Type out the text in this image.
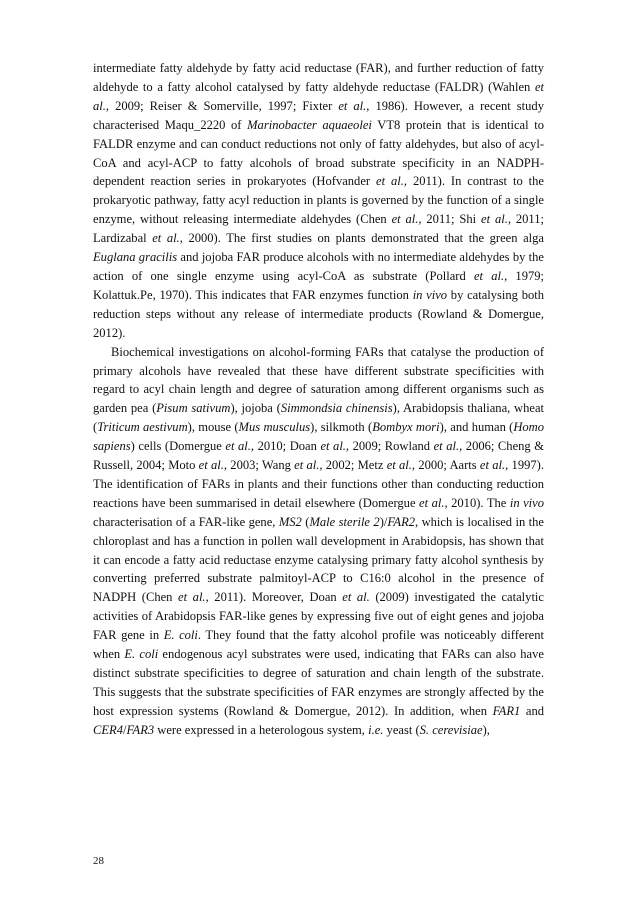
intermediate fatty aldehyde by fatty acid reductase (FAR), and further reduction of fatty aldehyde to a fatty alcohol catalysed by fatty aldehyde reductase (FALDR) (Wahlen et al., 2009; Reiser & Somerville, 1997; Fixter et al., 1986). However, a recent study characterised Maqu_2220 of Marinobacter aquaeolei VT8 protein that is identical to FALDR enzyme and can conduct reductions not only of fatty aldehydes, but also of acyl-CoA and acyl-ACP to fatty alcohols of broad substrate specificity in an NADPH-dependent reaction series in prokaryotes (Hofvander et al., 2011). In contrast to the prokaryotic pathway, fatty acyl reduction in plants is governed by the function of a single enzyme, without releasing intermediate aldehydes (Chen et al., 2011; Shi et al., 2011; Lardizabal et al., 2000). The first studies on plants demonstrated that the green alga Euglana gracilis and jojoba FAR produce alcohols with no intermediate aldehydes by the action of one single enzyme using acyl-CoA as substrate (Pollard et al., 1979; Kolattuk.Pe, 1970). This indicates that FAR enzymes function in vivo by catalysing both reduction steps without any release of intermediate products (Rowland & Domergue, 2012).

Biochemical investigations on alcohol-forming FARs that catalyse the production of primary alcohols have revealed that these have different substrate specificities with regard to acyl chain length and degree of saturation among different organisms such as garden pea (Pisum sativum), jojoba (Simmondsia chinensis), Arabidopsis thaliana, wheat (Triticum aestivum), mouse (Mus musculus), silkmoth (Bombyx mori), and human (Homo sapiens) cells (Domergue et al., 2010; Doan et al., 2009; Rowland et al., 2006; Cheng & Russell, 2004; Moto et al., 2003; Wang et al., 2002; Metz et al., 2000; Aarts et al., 1997). The identification of FARs in plants and their functions other than conducting reduction reactions have been summarised in detail elsewhere (Domergue et al., 2010). The in vivo characterisation of a FAR-like gene, MS2 (Male sterile 2)/FAR2, which is localised in the chloroplast and has a function in pollen wall development in Arabidopsis, has shown that it can encode a fatty acid reductase enzyme catalysing primary fatty alcohol synthesis by converting preferred substrate palmitoyl-ACP to C16:0 alcohol in the presence of NADPH (Chen et al., 2011). Moreover, Doan et al. (2009) investigated the catalytic activities of Arabidopsis FAR-like genes by expressing five out of eight genes and jojoba FAR gene in E. coli. They found that the fatty alcohol profile was noticeably different when E. coli endogenous acyl substrates were used, indicating that FARs can also have distinct substrate specificities to degree of saturation and chain length of the substrate. This suggests that the substrate specificities of FAR enzymes are strongly affected by the host expression systems (Rowland & Domergue, 2012). In addition, when FAR1 and CER4/FAR3 were expressed in a heterologous system, i.e. yeast (S. cerevisiae),

28
